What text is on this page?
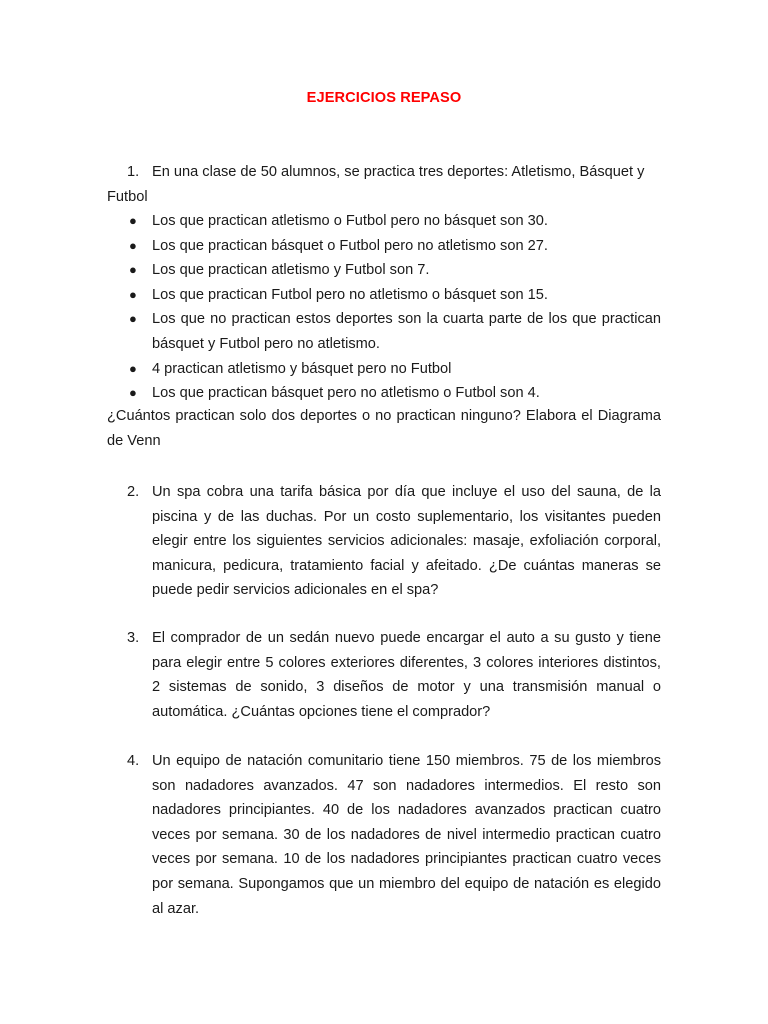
EJERCICIOS REPASO
1. En una clase de 50 alumnos, se practica tres deportes: Atletismo, Básquet y
Futbol
● Los que practican atletismo o Futbol pero no básquet son 30.
● Los que practican básquet o Futbol pero no atletismo son 27.
● Los que practican atletismo y Futbol son 7.
● Los que practican Futbol pero no atletismo o básquet son 15.
● Los que no practican estos deportes son la cuarta parte de los que practican básquet y Futbol pero no atletismo.
● 4 practican atletismo y básquet pero no Futbol
● Los que practican básquet pero no atletismo o Futbol son 4.
¿Cuántos practican solo dos deportes o no practican ninguno? Elabora el Diagrama de Venn
2. Un spa cobra una tarifa básica por día que incluye el uso del sauna, de la piscina y de las duchas. Por un costo suplementario, los visitantes pueden elegir entre los siguientes servicios adicionales: masaje, exfoliación corporal, manicura, pedicura, tratamiento facial y afeitado. ¿De cuántas maneras se puede pedir servicios adicionales en el spa?
3. El comprador de un sedán nuevo puede encargar el auto a su gusto y tiene para elegir entre 5 colores exteriores diferentes, 3 colores interiores distintos, 2 sistemas de sonido, 3 diseños de motor y una transmisión manual o automática. ¿Cuántas opciones tiene el comprador?
4. Un equipo de natación comunitario tiene 150 miembros. 75 de los miembros son nadadores avanzados. 47 son nadadores intermedios. El resto son nadadores principiantes. 40 de los nadadores avanzados practican cuatro veces por semana. 30 de los nadadores de nivel intermedio practican cuatro veces por semana. 10 de los nadadores principiantes practican cuatro veces por semana. Supongamos que un miembro del equipo de natación es elegido al azar.
